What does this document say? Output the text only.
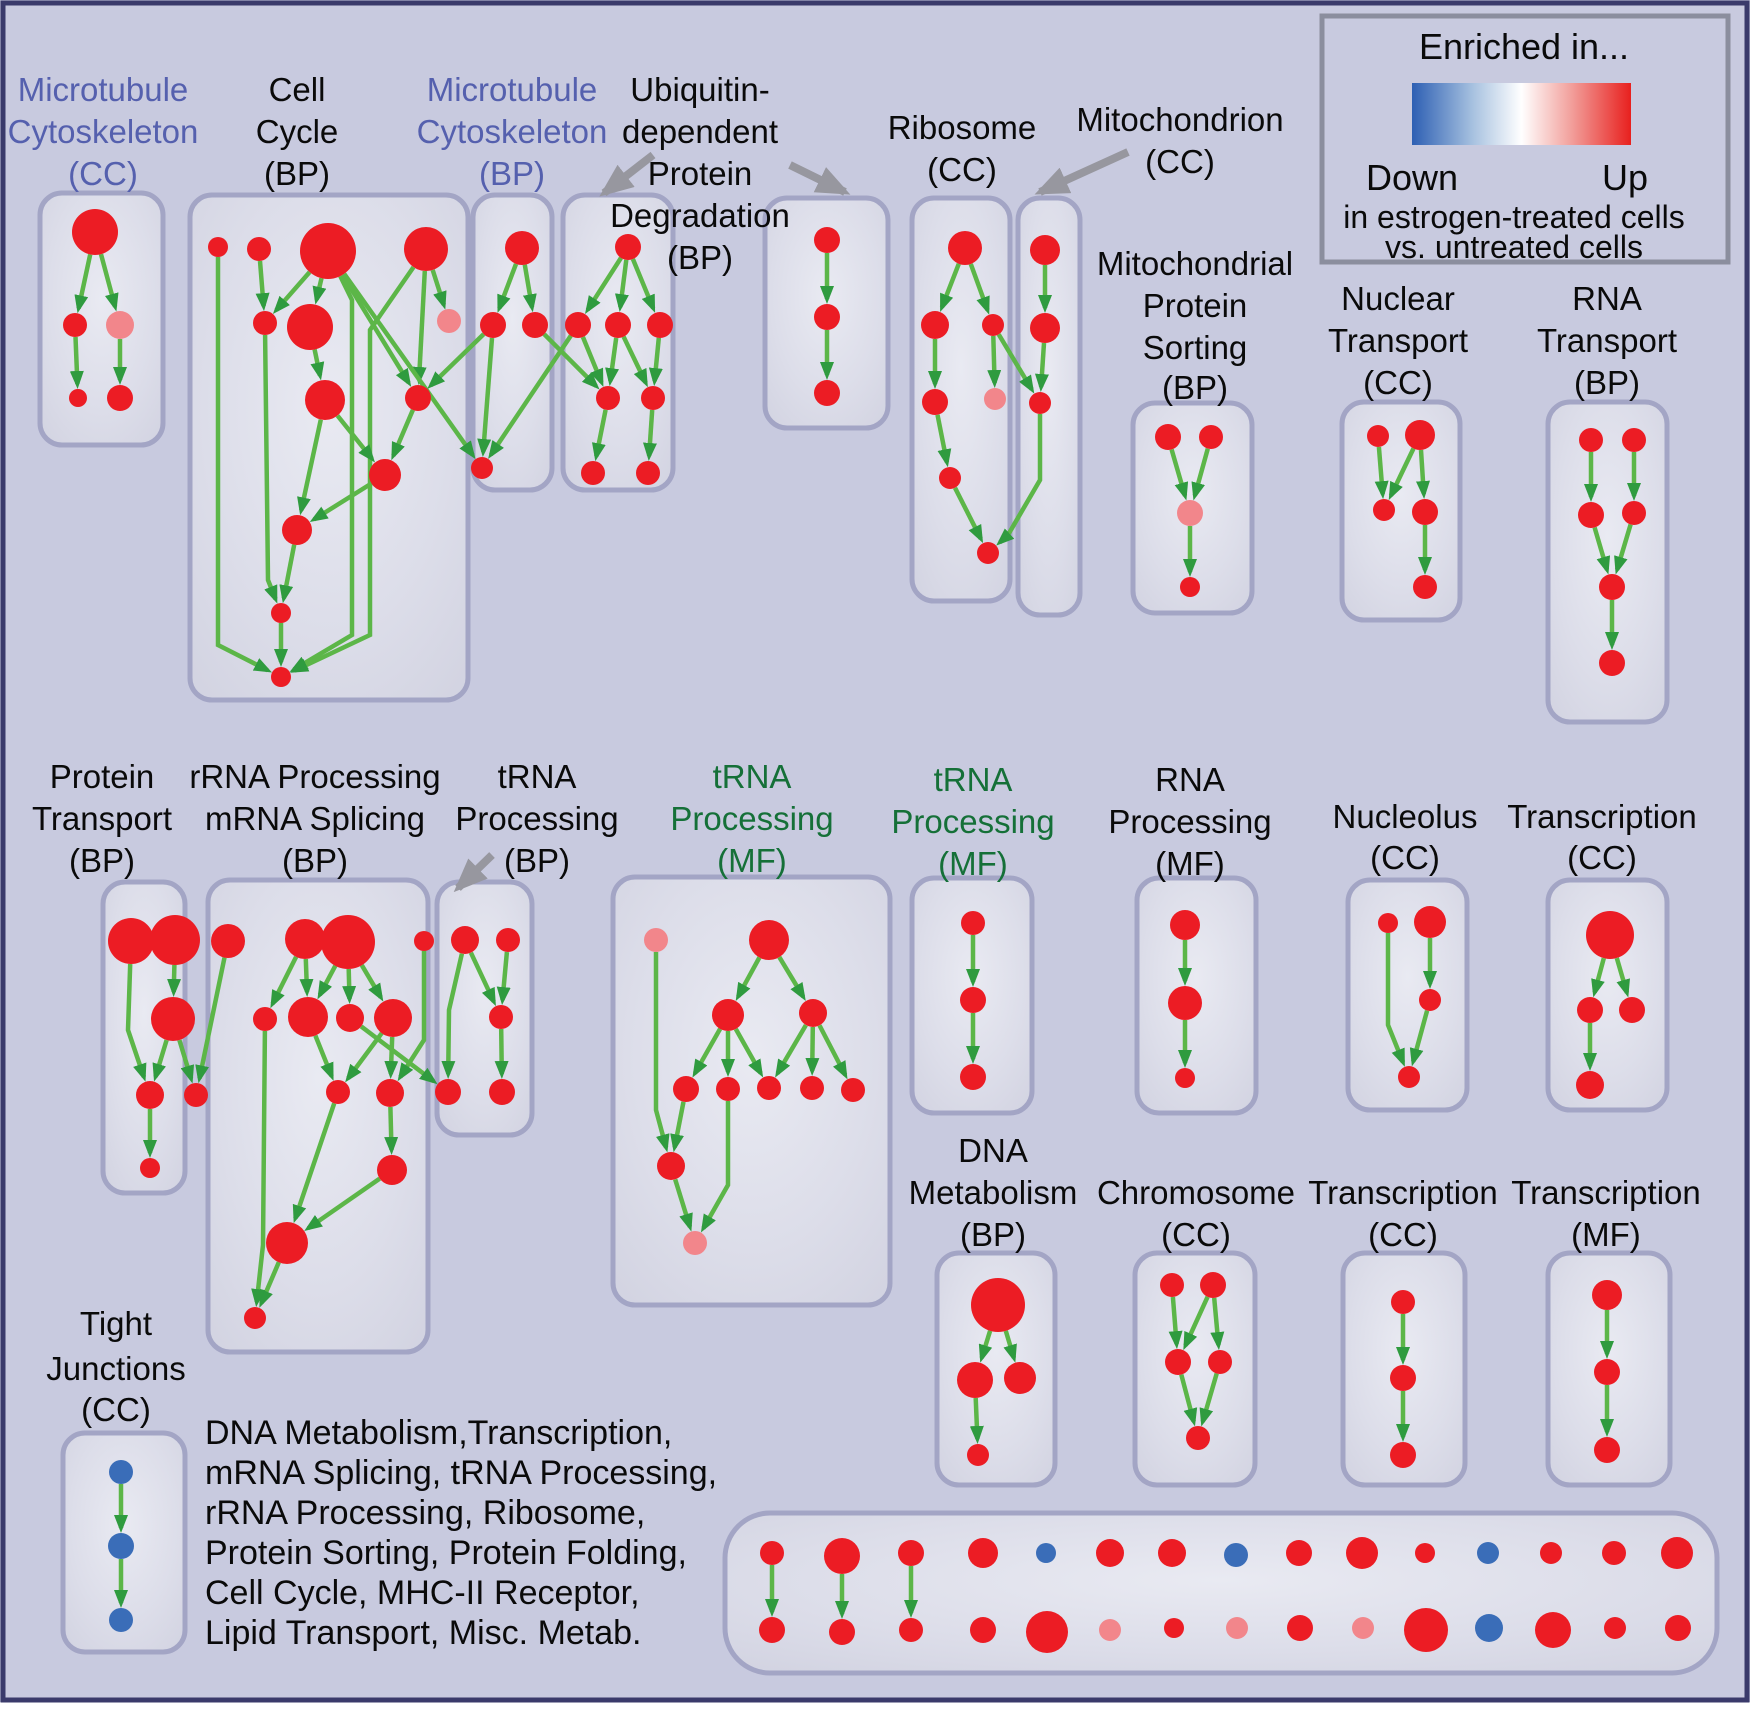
Microtubule
Cytoskeleton
(CC)
Cell
Cycle
(BP)
Microtubule
Cytoskeleton
(BP)
Ubiquitin-
dependent
Protein
Degradation
(BP)
Ribosome
(CC)
Mitochondrion
(CC)
Mitochondrial
Protein
Sorting
(BP)
Nuclear
Transport
(CC)
RNA
Transport
(BP)
Protein
Transport
(BP)
rRNA Processing
mRNA Splicing
(BP)
tRNA
Processing
(BP)
tRNA
Processing
(MF)
tRNA
Processing
(MF)
RNA
Processing
(MF)
Nucleolus
(CC)
Transcription
(CC)
DNA
Metabolism
(BP)
Chromosome
(CC)
Transcription
(CC)
Transcription
(MF)
Tight
Junctions
(CC)
Enriched in...
Down	Up
in estrogen-treated cells
vs. untreated cells
DNA Metabolism,Transcription,
mRNA Splicing, tRNA Processing,
rRNA Processing, Ribosome,
Protein Sorting, Protein Folding,
Cell Cycle, MHC-II Receptor,
Lipid Transport, Misc. Metab.
